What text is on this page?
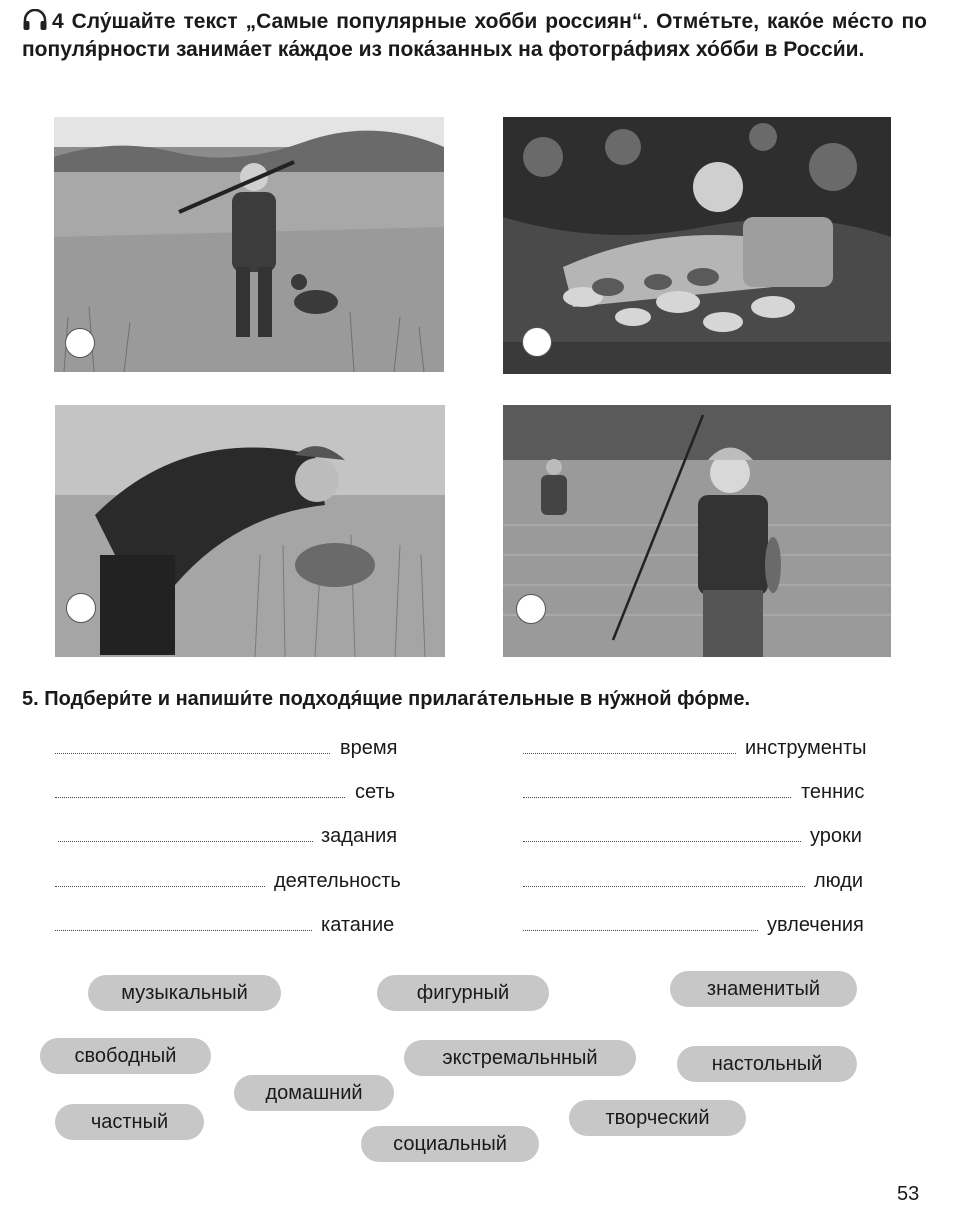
4 Слу́шайте текст „Самые популярные хобби россиян“. Отме́тьте, како́е ме́сто по популя́рности занима́ет ка́ждое из пока́занных на фотогра́фиях хо́бби в Росси́и.
5. Подбери́те и напиши́те подходя́щие прилага́тельные в ну́жной фо́рме.
время
сеть
задания
деятельность
катание
инструменты
теннис
уроки
люди
увлечения
музыкальный	фигурный	знаменитый
свободный	экстремальнный	настольный
домашний
частный	творческий
социальный
53
